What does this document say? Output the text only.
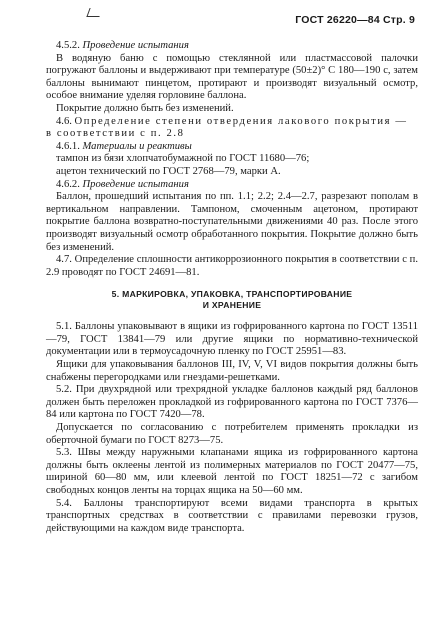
ГОСТ 26220—84 Стр. 9

4.5.2. Проведение испытания

В водяную баню с помощью стеклянной или пластмассовой палочки погружают баллоны и выдерживают при температуре (50±2)° С 180—190 с, затем баллоны вынимают пинцетом, протирают и производят визуальный осмотр, особое внимание уделяя горловине баллона.

Покрытие должно быть без изменений.

4.6. Определение степени отвердения лакового покрытия — в соответствии с п. 2.8

4.6.1. Материалы и реактивы

тампон из бязи хлопчатобумажной по ГОСТ 11680—76;

ацетон технический по ГОСТ 2768—79, марки А.

4.6.2. Проведение испытания

Баллон, прошедший испытания по пп. 1.1; 2.2; 2.4—2.7, разрезают пополам в вертикальном направлении. Тампоном, смоченным ацетоном, протирают покрытие баллона возвратно-поступательными движениями 40 раз. После этого производят визуальный осмотр обработанного покрытия. Покрытие должно быть без изменений.

4.7. Определение сплошности антикоррозионного покрытия в соответствии с п. 2.9 проводят по ГОСТ 24691—81.

5. МАРКИРОВКА, УПАКОВКА, ТРАНСПОРТИРОВАНИЕ
И ХРАНЕНИЕ

5.1. Баллоны упаковывают в ящики из гофрированного картона по ГОСТ 13511—79, ГОСТ 13841—79 или другие ящики по нормативно-технической документации или в термоусадочную пленку по ГОСТ 25951—83.

Ящики для упаковывания баллонов III, IV, V, VI видов покрытия должны быть снабжены перегородками или гнездами-решетками.

5.2. При двухрядной или трехрядной укладке баллонов каждый ряд баллонов должен быть переложен прокладкой из гофрированного картона по ГОСТ 7376—84 или картона по ГОСТ 7420—78.

Допускается по согласованию с потребителем применять прокладки из оберточной бумаги по ГОСТ 8273—75.

5.3. Швы между наружными клапанами ящика из гофрированного картона должны быть оклеены лентой из полимерных материалов по ГОСТ 20477—75, шириной 60—80 мм, или клеевой лентой по ГОСТ 18251—72 с загибом свободных концов ленты на торцах ящика на 50—60 мм.

5.4. Баллоны транспортируют всеми видами транспорта в крытых транспортных средствах в соответствии с правилами перевозки грузов, действующими на каждом виде транспорта.
